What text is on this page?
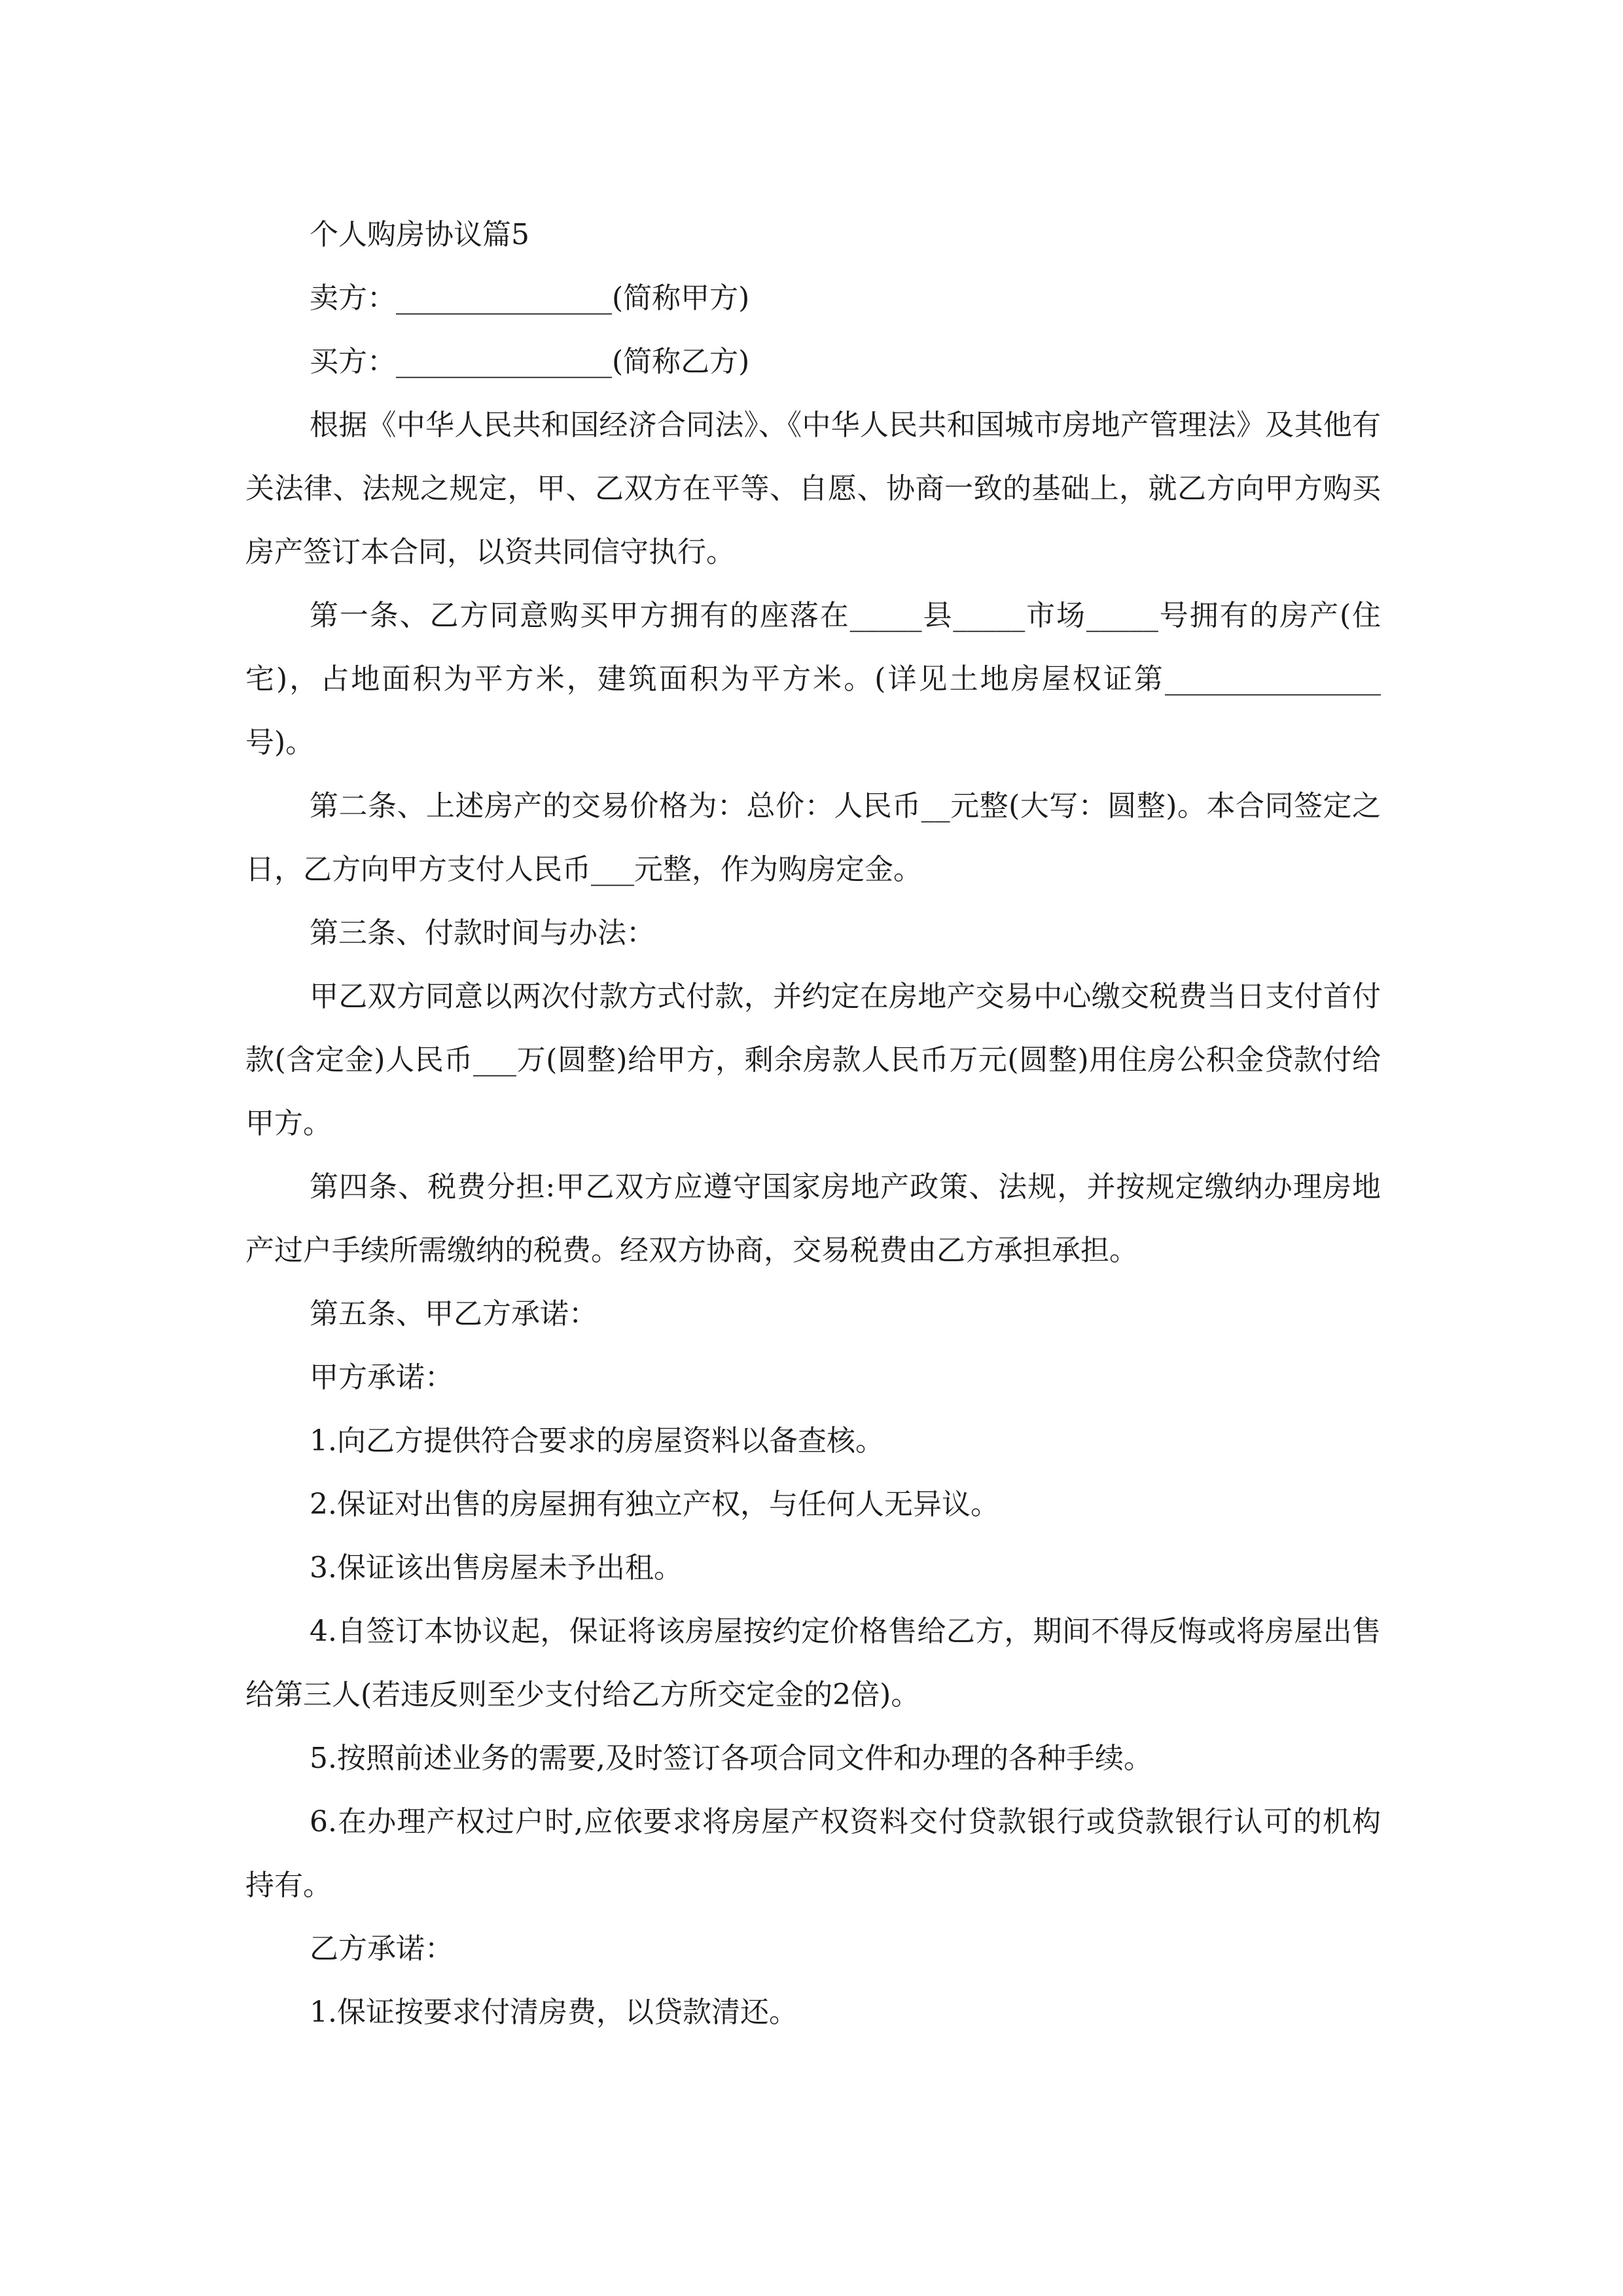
个人购房协议篇5

卖方：_______________(简称甲方)

买方：_______________(简称乙方)

根据《中华人民共和国经济合同法》、《中华人民共和国城市房地产管理法》及其他有关法律、法规之规定，甲、乙双方在平等、自愿、协商一致的基础上，就乙方向甲方购买房产签订本合同，以资共同信守执行。

第一条、乙方同意购买甲方拥有的座落在_____县_____市场_____号拥有的房产(住宅)，占地面积为平方米，建筑面积为平方米。(详见土地房屋权证第_______________号)。

第二条、上述房产的交易价格为：总价：人民币__元整(大写：圆整)。本合同签定之日，乙方向甲方支付人民币___元整，作为购房定金。

第三条、付款时间与办法：

甲乙双方同意以两次付款方式付款，并约定在房地产交易中心缴交税费当日支付首付款(含定金)人民币___万(圆整)给甲方，剩余房款人民币万元(圆整)用住房公积金贷款付给甲方。

第四条、税费分担:甲乙双方应遵守国家房地产政策、法规，并按规定缴纳办理房地产过户手续所需缴纳的税费。经双方协商，交易税费由乙方承担承担。

第五条、甲乙方承诺：

甲方承诺：

1.向乙方提供符合要求的房屋资料以备查核。

2.保证对出售的房屋拥有独立产权，与任何人无异议。

3.保证该出售房屋未予出租。

4.自签订本协议起，保证将该房屋按约定价格售给乙方，期间不得反悔或将房屋出售给第三人(若违反则至少支付给乙方所交定金的2倍)。

5.按照前述业务的需要,及时签订各项合同文件和办理的各种手续。

6.在办理产权过户时,应依要求将房屋产权资料交付贷款银行或贷款银行认可的机构持有。

乙方承诺：

1.保证按要求付清房费，以贷款清还。
